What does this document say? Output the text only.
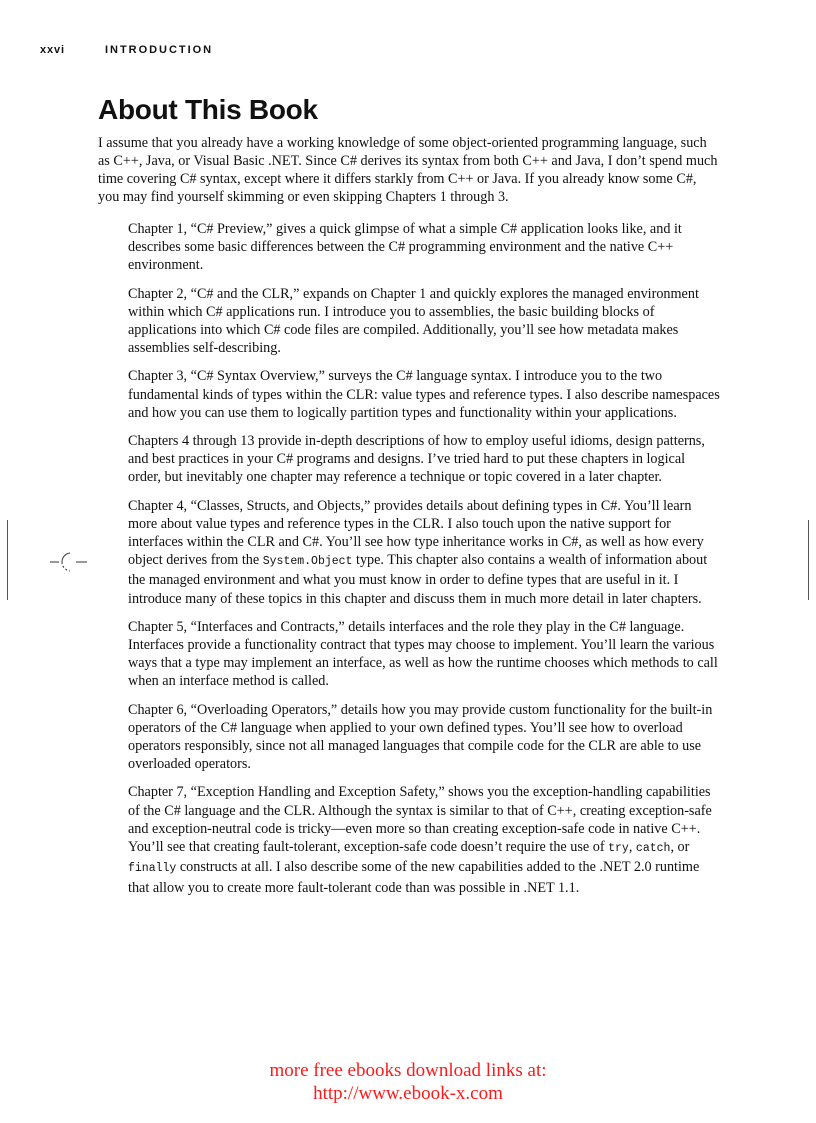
xxvi	INTRODUCTION
About This Book

I assume that you already have a working knowledge of some object-oriented programming language, such as C++, Java, or Visual Basic .NET. Since C# derives its syntax from both C++ and Java, I don’t spend much time covering C# syntax, except where it differs starkly from C++ or Java. If you already know some C#, you may find yourself skimming or even skipping Chapters 1 through 3.

Chapter 1, “C# Preview,” gives a quick glimpse of what a simple C# application looks like, and it describes some basic differences between the C# programming environment and the native C++ environment.

Chapter 2, “C# and the CLR,” expands on Chapter 1 and quickly explores the managed environment within which C# applications run. I introduce you to assemblies, the basic building blocks of applications into which C# code files are compiled. Additionally, you’ll see how metadata makes assemblies self-describing.

Chapter 3, “C# Syntax Overview,” surveys the C# language syntax. I introduce you to the two fundamental kinds of types within the CLR: value types and reference types. I also describe namespaces and how you can use them to logically partition types and functionality within your applications.

Chapters 4 through 13 provide in-depth descriptions of how to employ useful idioms, design patterns, and best practices in your C# programs and designs. I’ve tried hard to put these chapters in logical order, but inevitably one chapter may reference a technique or topic covered in a later chapter.

Chapter 4, “Classes, Structs, and Objects,” provides details about defining types in C#. You’ll learn more about value types and reference types in the CLR. I also touch upon the native support for interfaces within the CLR and C#. You’ll see how type inheritance works in C#, as well as how every object derives from the System.Object type. This chapter also contains a wealth of information about the managed environment and what you must know in order to define types that are useful in it. I introduce many of these topics in this chapter and discuss them in much more detail in later chapters.

Chapter 5, “Interfaces and Contracts,” details interfaces and the role they play in the C# language. Interfaces provide a functionality contract that types may choose to implement. You’ll learn the various ways that a type may implement an interface, as well as how the runtime chooses which methods to call when an interface method is called.

Chapter 6, “Overloading Operators,” details how you may provide custom functionality for the built-in operators of the C# language when applied to your own defined types. You’ll see how to overload operators responsibly, since not all managed languages that compile code for the CLR are able to use overloaded operators.

Chapter 7, “Exception Handling and Exception Safety,” shows you the exception-handling capabilities of the C# language and the CLR. Although the syntax is similar to that of C++, creating exception-safe and exception-neutral code is tricky—even more so than creating exception-safe code in native C++. You’ll see that creating fault-tolerant, exception-safe code doesn’t require the use of try, catch, or finally constructs at all. I also describe some of the new capabilities added to the .NET 2.0 runtime that allow you to create more fault-tolerant code than was possible in .NET 1.1.

more free ebooks download links at:
http://www.ebook-x.com
